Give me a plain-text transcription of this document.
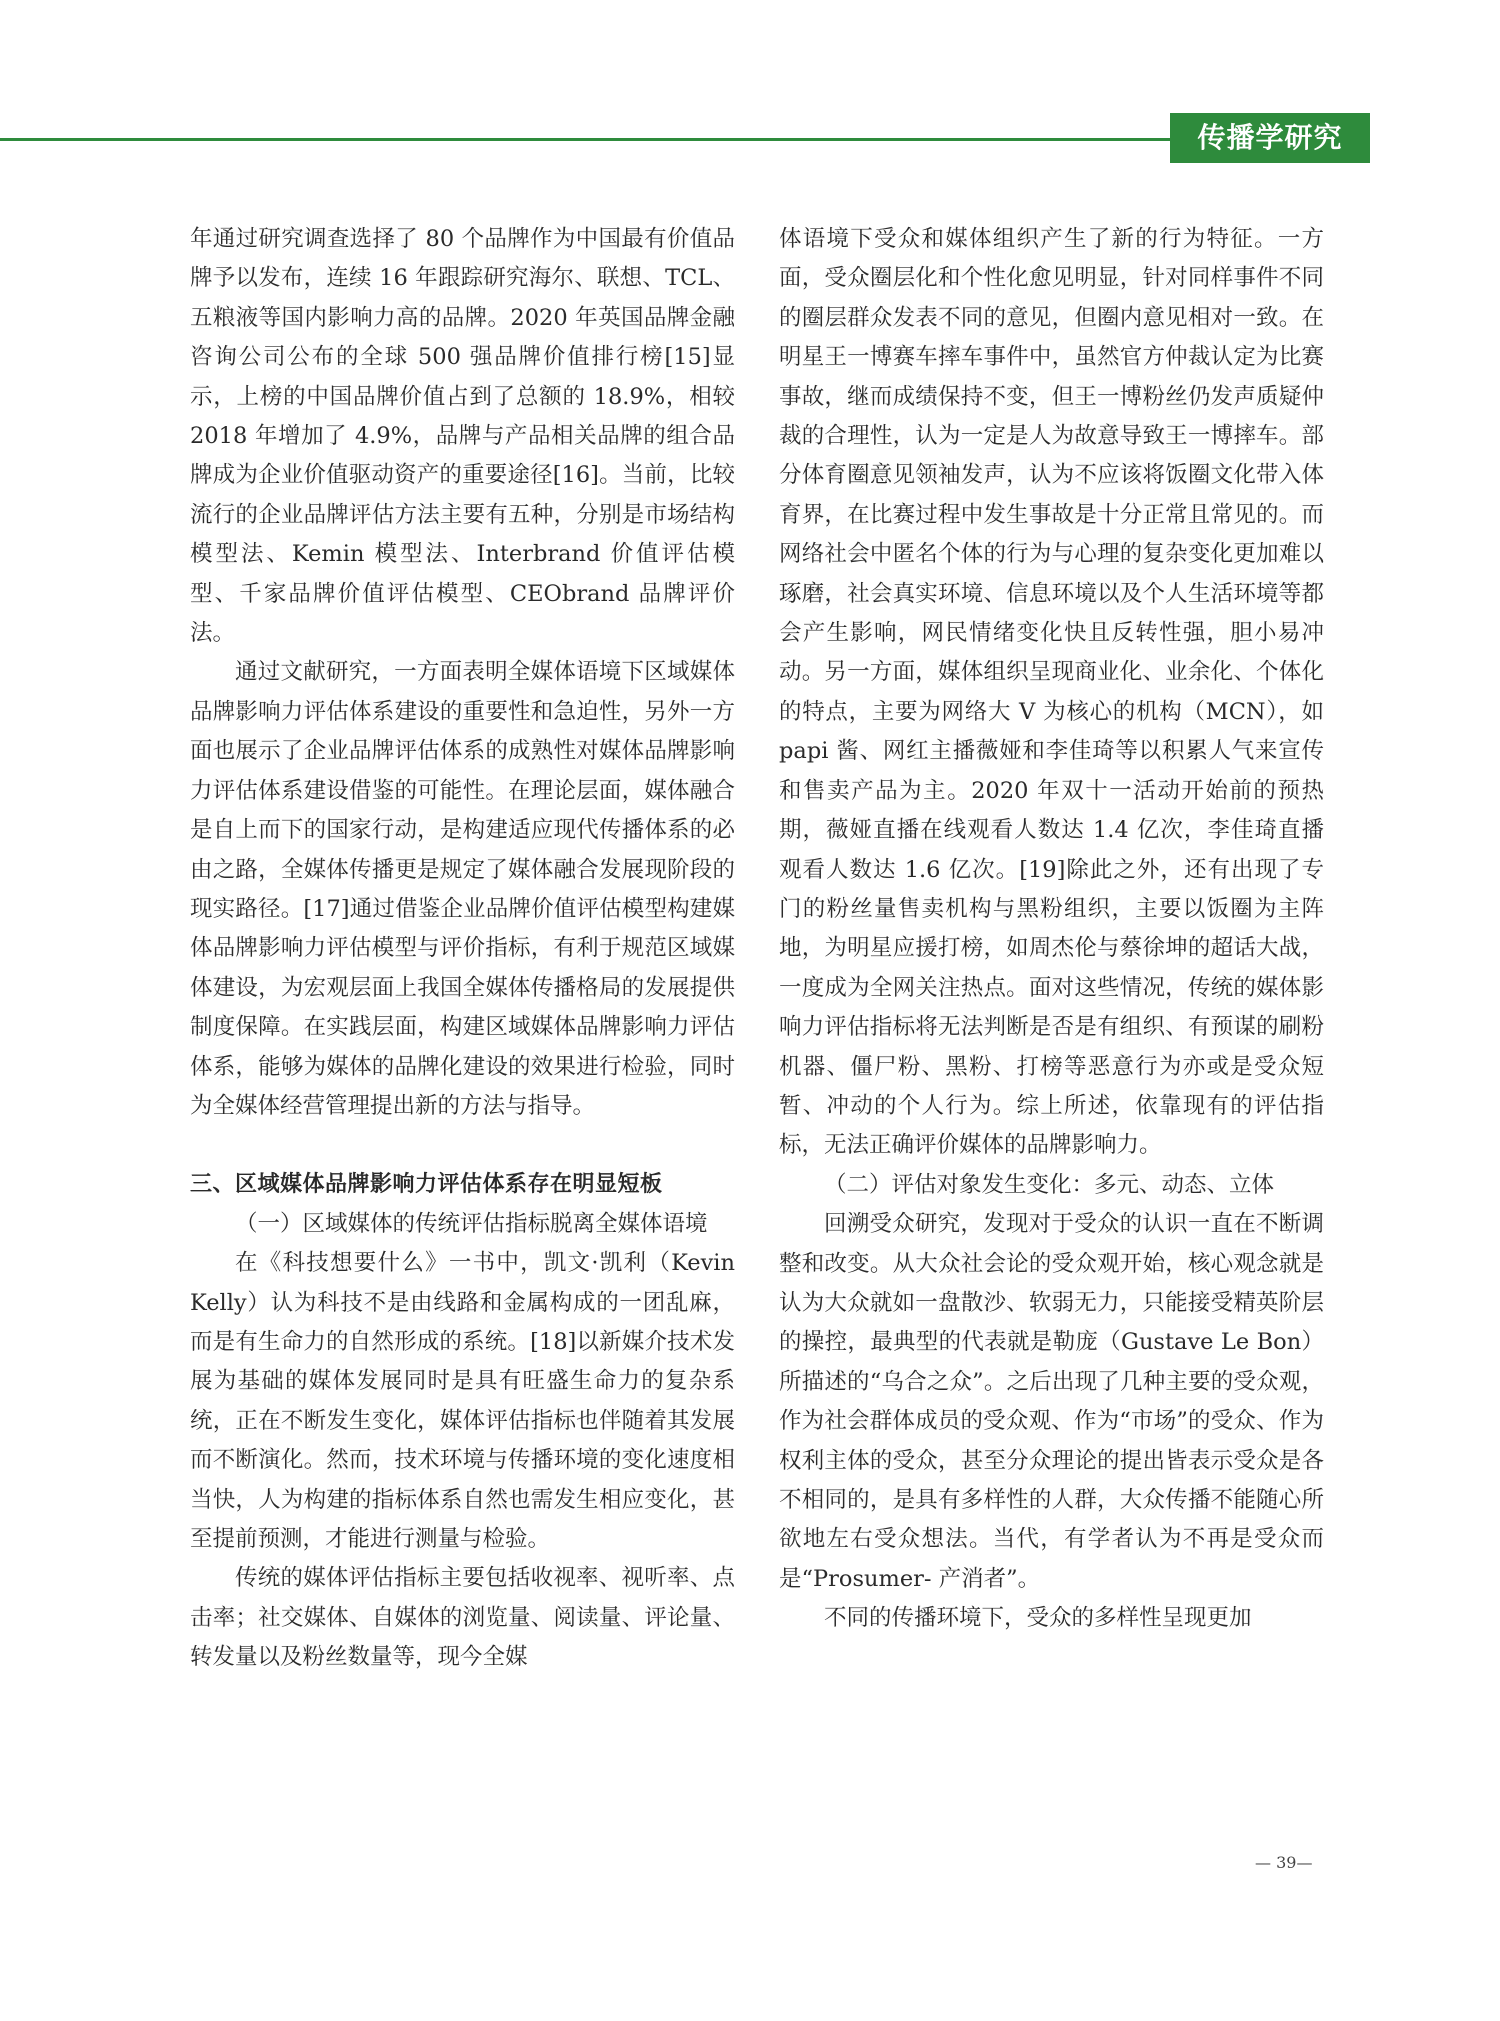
传播学研究

年通过研究调查选择了 80 个品牌作为中国最有价值品牌予以发布，连续 16 年跟踪研究海尔、联想、TCL、五粮液等国内影响力高的品牌。2020 年英国品牌金融咨询公司公布的全球 500 强品牌价值排行榜[15]显示，上榜的中国品牌价值占到了总额的 18.9%，相较 2018 年增加了 4.9%，品牌与产品相关品牌的组合品牌成为企业价值驱动资产的重要途径[16]。当前，比较流行的企业品牌评估方法主要有五种，分别是市场结构模型法、Kemin 模型法、Interbrand 价值评估模型、千家品牌价值评估模型、CEObrand 品牌评价法。

通过文献研究，一方面表明全媒体语境下区域媒体品牌影响力评估体系建设的重要性和急迫性，另外一方面也展示了企业品牌评估体系的成熟性对媒体品牌影响力评估体系建设借鉴的可能性。在理论层面，媒体融合是自上而下的国家行动，是构建适应现代传播体系的必由之路，全媒体传播更是规定了媒体融合发展现阶段的现实路径。[17]通过借鉴企业品牌价值评估模型构建媒体品牌影响力评估模型与评价指标，有利于规范区域媒体建设，为宏观层面上我国全媒体传播格局的发展提供制度保障。在实践层面，构建区域媒体品牌影响力评估体系，能够为媒体的品牌化建设的效果进行检验，同时为全媒体经营管理提出新的方法与指导。

三、区域媒体品牌影响力评估体系存在明显短板

（一）区域媒体的传统评估指标脱离全媒体语境

在《科技想要什么》一书中，凯文·凯利（Kevin Kelly）认为科技不是由线路和金属构成的一团乱麻，而是有生命力的自然形成的系统。[18]以新媒介技术发展为基础的媒体发展同时是具有旺盛生命力的复杂系统，正在不断发生变化，媒体评估指标也伴随着其发展而不断演化。然而，技术环境与传播环境的变化速度相当快，人为构建的指标体系自然也需发生相应变化，甚至提前预测，才能进行测量与检验。

传统的媒体评估指标主要包括收视率、视听率、点击率；社交媒体、自媒体的浏览量、阅读量、评论量、转发量以及粉丝数量等，现今全媒

体语境下受众和媒体组织产生了新的行为特征。一方面，受众圈层化和个性化愈见明显，针对同样事件不同的圈层群众发表不同的意见，但圈内意见相对一致。在明星王一博赛车摔车事件中，虽然官方仲裁认定为比赛事故，继而成绩保持不变，但王一博粉丝仍发声质疑仲裁的合理性，认为一定是人为故意导致王一博摔车。部分体育圈意见领袖发声，认为不应该将饭圈文化带入体育界，在比赛过程中发生事故是十分正常且常见的。而网络社会中匿名个体的行为与心理的复杂变化更加难以琢磨，社会真实环境、信息环境以及个人生活环境等都会产生影响，网民情绪变化快且反转性强，胆小易冲动。另一方面，媒体组织呈现商业化、业余化、个体化的特点，主要为网络大 V 为核心的机构（MCN），如 papi 酱、网红主播薇娅和李佳琦等以积累人气来宣传和售卖产品为主。2020 年双十一活动开始前的预热期，薇娅直播在线观看人数达 1.4 亿次，李佳琦直播观看人数达 1.6 亿次。[19]除此之外，还有出现了专门的粉丝量售卖机构与黑粉组织，主要以饭圈为主阵地，为明星应援打榜，如周杰伦与蔡徐坤的超话大战，一度成为全网关注热点。面对这些情况，传统的媒体影响力评估指标将无法判断是否是有组织、有预谋的刷粉机器、僵尸粉、黑粉、打榜等恶意行为亦或是受众短暂、冲动的个人行为。综上所述，依靠现有的评估指标，无法正确评价媒体的品牌影响力。

（二）评估对象发生变化：多元、动态、立体

回溯受众研究，发现对于受众的认识一直在不断调整和改变。从大众社会论的受众观开始，核心观念就是认为大众就如一盘散沙、软弱无力，只能接受精英阶层的操控，最典型的代表就是勒庞（Gustave Le Bon）所描述的“乌合之众”。之后出现了几种主要的受众观，作为社会群体成员的受众观、作为“市场”的受众、作为权利主体的受众，甚至分众理论的提出皆表示受众是各不相同的，是具有多样性的人群，大众传播不能随心所欲地左右受众想法。当代，有学者认为不再是受众而是“Prosumer- 产消者”。

不同的传播环境下，受众的多样性呈现更加

— 39—
